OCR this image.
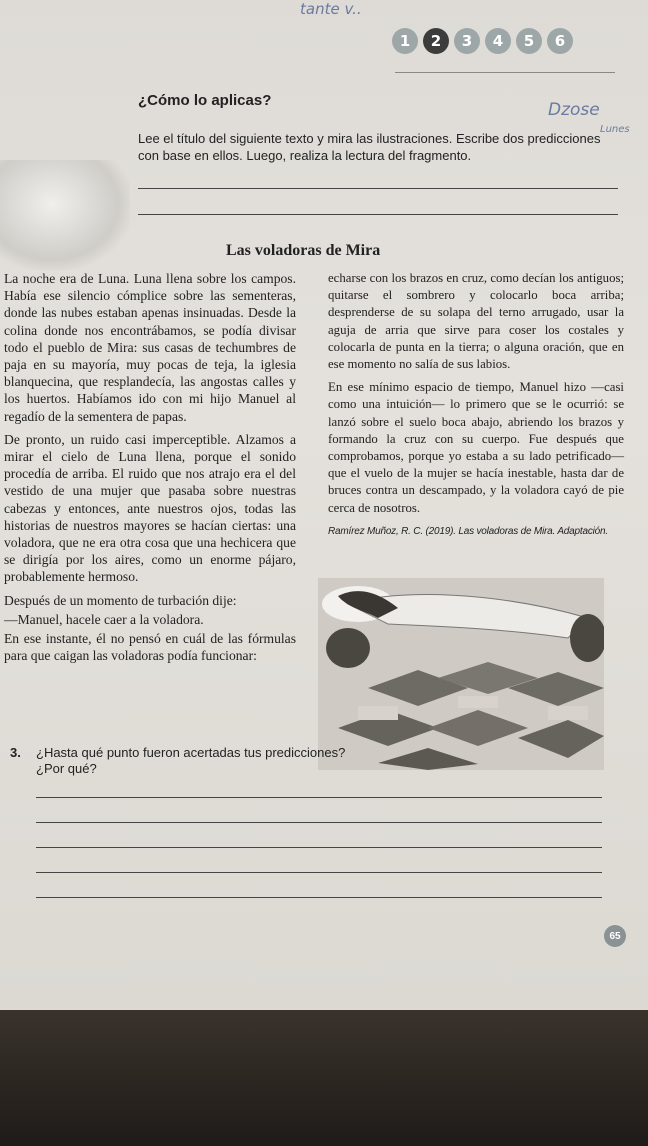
tante v..
1	2	3	4	5	6
¿Cómo lo aplicas?	Dzose
Lunes
Lee el título del siguiente texto y mira las ilustraciones. Escribe dos predicciones con base en ellos. Luego, realiza la lectura del fragmento.
Las voladoras de Mira

La noche era de Luna. Luna llena sobre los campos. Había ese silencio cómplice sobre las sementeras, donde las nubes estaban apenas insinuadas. Desde la colina donde nos encontrábamos, se podía divisar todo el pueblo de Mira: sus casas de techumbres de paja en su mayoría, muy pocas de teja, la iglesia blanquecina, que resplandecía, las angostas calles y los huertos. Habíamos ido con mi hijo Manuel al regadío de la sementera de papas.

De pronto, un ruido casi imperceptible. Alzamos a mirar el cielo de Luna llena, porque el sonido procedía de arriba. El ruido que nos atrajo era el del vestido de una mujer que pasaba sobre nuestras cabezas y entonces, ante nuestros ojos, todas las historias de nuestros mayores se hacían ciertas: una voladora, que ne era otra cosa que una hechicera que se dirigía por los aires, como un enorme pájaro, probablemente hermoso.

Después de un momento de turbación dije:

—Manuel, hacele caer a la voladora.

En ese instante, él no pensó en cuál de las fórmulas para que caigan las voladoras podía funcionar:

echarse con los brazos en cruz, como decían los antiguos; quitarse el sombrero y colocarlo boca arriba; desprenderse de su solapa del terno arrugado, usar la aguja de arria que sirve para coser los costales y colocarla de punta en la tierra; o alguna oración, que en ese momento no salía de sus labios.

En ese mínimo espacio de tiempo, Manuel hizo —casi como una intuición— lo primero que se le ocurrió: se lanzó sobre el suelo boca abajo, abriendo los brazos y formando la cruz con su cuerpo. Fue después que comprobamos, porque yo estaba a su lado petrificado— que el vuelo de la mujer se hacía inestable, hasta dar de bruces contra un descampado, y la voladora cayó de pie cerca de nosotros.

Ramírez Muñoz, R. C. (2019). Las voladoras de Mira. Adaptación.
3. ¿Hasta qué punto fueron acertadas tus predicciones?
¿Por qué?
65
